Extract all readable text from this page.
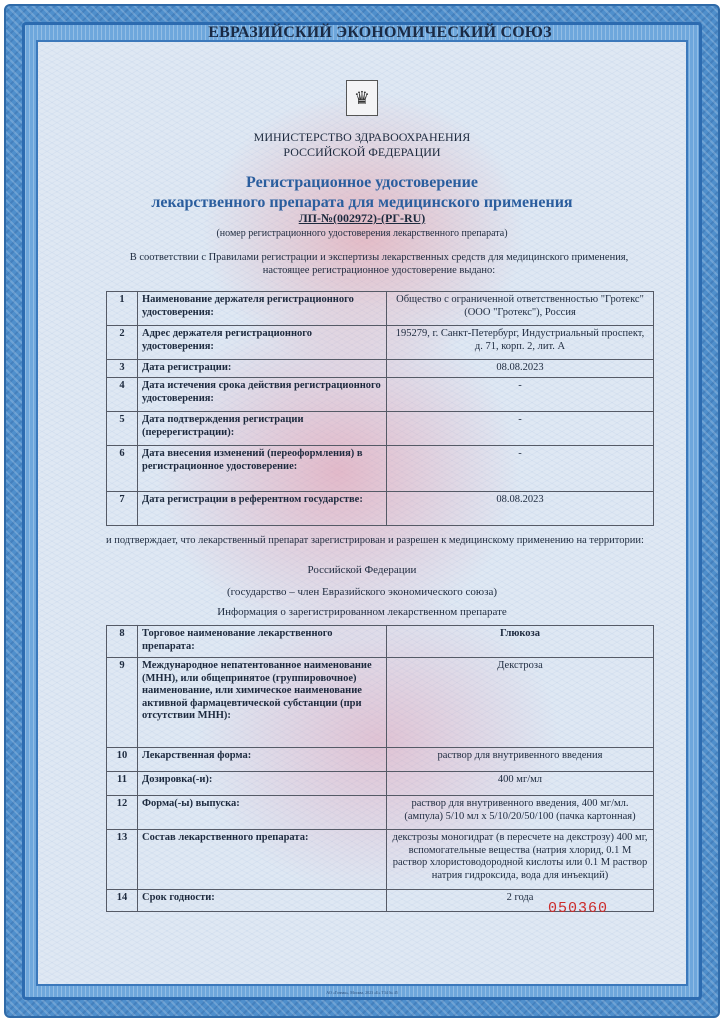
ЕВРАЗИЙСКИЙ ЭКОНОМИЧЕСКИЙ СОЮЗ
♛
МИНИСТЕРСТВО ЗДРАВООХРАНЕНИЯ
РОССИЙСКОЙ ФЕДЕРАЦИИ
Регистрационное удостоверение
лекарственного препарата для медицинского применения
ЛП-№(002972)-(РГ-RU)
(номер регистрационного удостоверения лекарственного препарата)
В соответствии с Правилами регистрации и экспертизы лекарственных средств для медицинского применения, настоящее регистрационное удостоверение выдано:
1	Наименование держателя регистрационного удостоверения:	Общество с ограниченной ответственностью "Гротекс" (ООО "Гротекс"), Россия
2	Адрес держателя регистрационного удостоверения:	195279, г. Санкт-Петербург, Индустриальный проспект, д. 71, корп. 2, лит. А
3	Дата регистрации:	08.08.2023
4	Дата истечения срока действия регистрационного удостоверения:	-
5	Дата подтверждения регистрации (перерегистрации):	-
6	Дата внесения изменений (переоформления) в регистрационное удостоверение:	-
7	Дата регистрации в референтном государстве:	08.08.2023
и подтверждает, что лекарственный препарат зарегистрирован и разрешен к медицинскому применению на территории:
Российской Федерации
(государство – член Евразийского экономического союза)
Информация о зарегистрированном лекарственном препарате
8	Торговое наименование лекарственного препарата:	Глюкоза
9	Международное непатентованное наименование (МНН), или общепринятое (группировочное) наименование, или химическое наименование активной фармацевтической субстанции (при отсутствии МНН):	Декстроза
10	Лекарственная форма:	раствор для внутривенного введения
11	Дозировка(-и):	400 мг/мл
12	Форма(-ы) выпуска:	раствор для внутривенного введения, 400 мг/мл. (ампула) 5/10 мл х 5/10/20/50/100 (пачка картонная)
13	Состав лекарственного препарата:	декстрозы моногидрат (в пересчете на декстрозу) 400 мг, вспомогательные вещества (натрия хлорид, 0.1 М раствор хлористоводородной кислоты или 0.1 М раствор натрия гидроксида, вода для инъекций)
14	Срок годности:	2 года
050360
АО «Гознак», Москва, 2023 «Б» Т34 № 45
